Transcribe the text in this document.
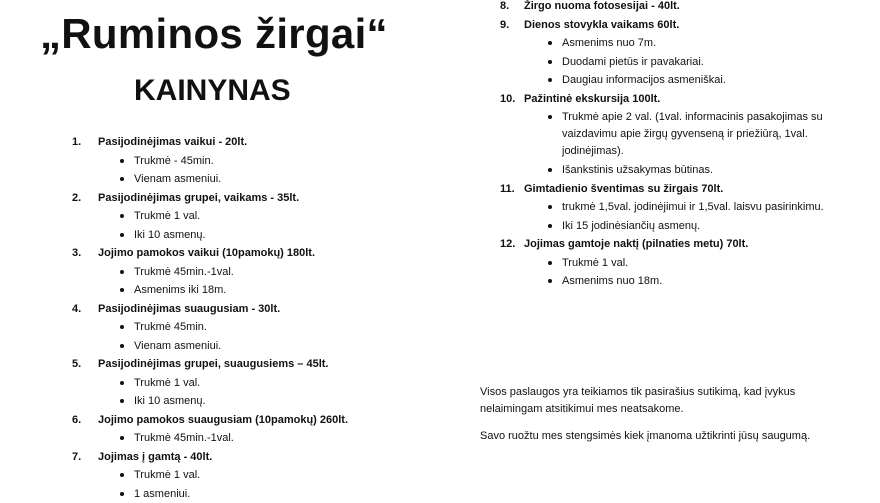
„Ruminos žirgai“
KAINYNAS
1. Pasijodinėjimas vaikui - 20lt.
Trukmė - 45min.
Vienam asmeniui.
2. Pasijodinėjimas grupei, vaikams - 35lt.
Trukmė 1 val.
Iki 10 asmenų.
3. Jojimo pamokos vaikui (10pamokų) 180lt.
Trukmė 45min.-1val.
Asmenims iki 18m.
4. Pasijodinėjimas suaugusiam - 30lt.
Trukmė 45min.
Vienam asmeniui.
5. Pasijodinėjimas grupei, suaugusiems – 45lt.
Trukmė 1 val.
Iki 10 asmenų.
6. Jojimo pamokos suaugusiam (10pamokų) 260lt.
Trukmė 45min.-1val.
7. Jojimas į gamtą - 40lt.
Trukmė 1 val.
1 asmeniui.
8. Žirgo nuoma fotosesijai - 40lt.
9. Dienos stovykla vaikams 60lt.
Asmenims nuo 7m.
Duodami pietūs ir pavakariai.
Daugiau informacijos asmeniškai.
10. Pažintinė ekskursija 100lt.
Trukmė apie 2 val. (1val. informacinis pasakojimas su vaizdavimu apie žirgų gyvenseną ir priežiūrą, 1val. jodinėjimas).
Išankstinis užsakymas būtinas.
11. Gimtadienio šventimas su žirgais 70lt.
trukmė 1,5val. jodinėjimui ir 1,5val. laisvu pasirinkimu.
Iki 15 jodinėsiančių asmenų.
12. Jojimas gamtoje naktį (pilnaties metu) 70lt.
Trukmė 1 val.
Asmenims nuo 18m.

Visos paslaugos yra teikiamos tik pasirašius sutikimą, kad įvykus nelaimingam atsitikimui mes neatsakome.

Savo ruožtu mes stengsimės kiek įmanoma užtikrinti jūsų saugumą.
